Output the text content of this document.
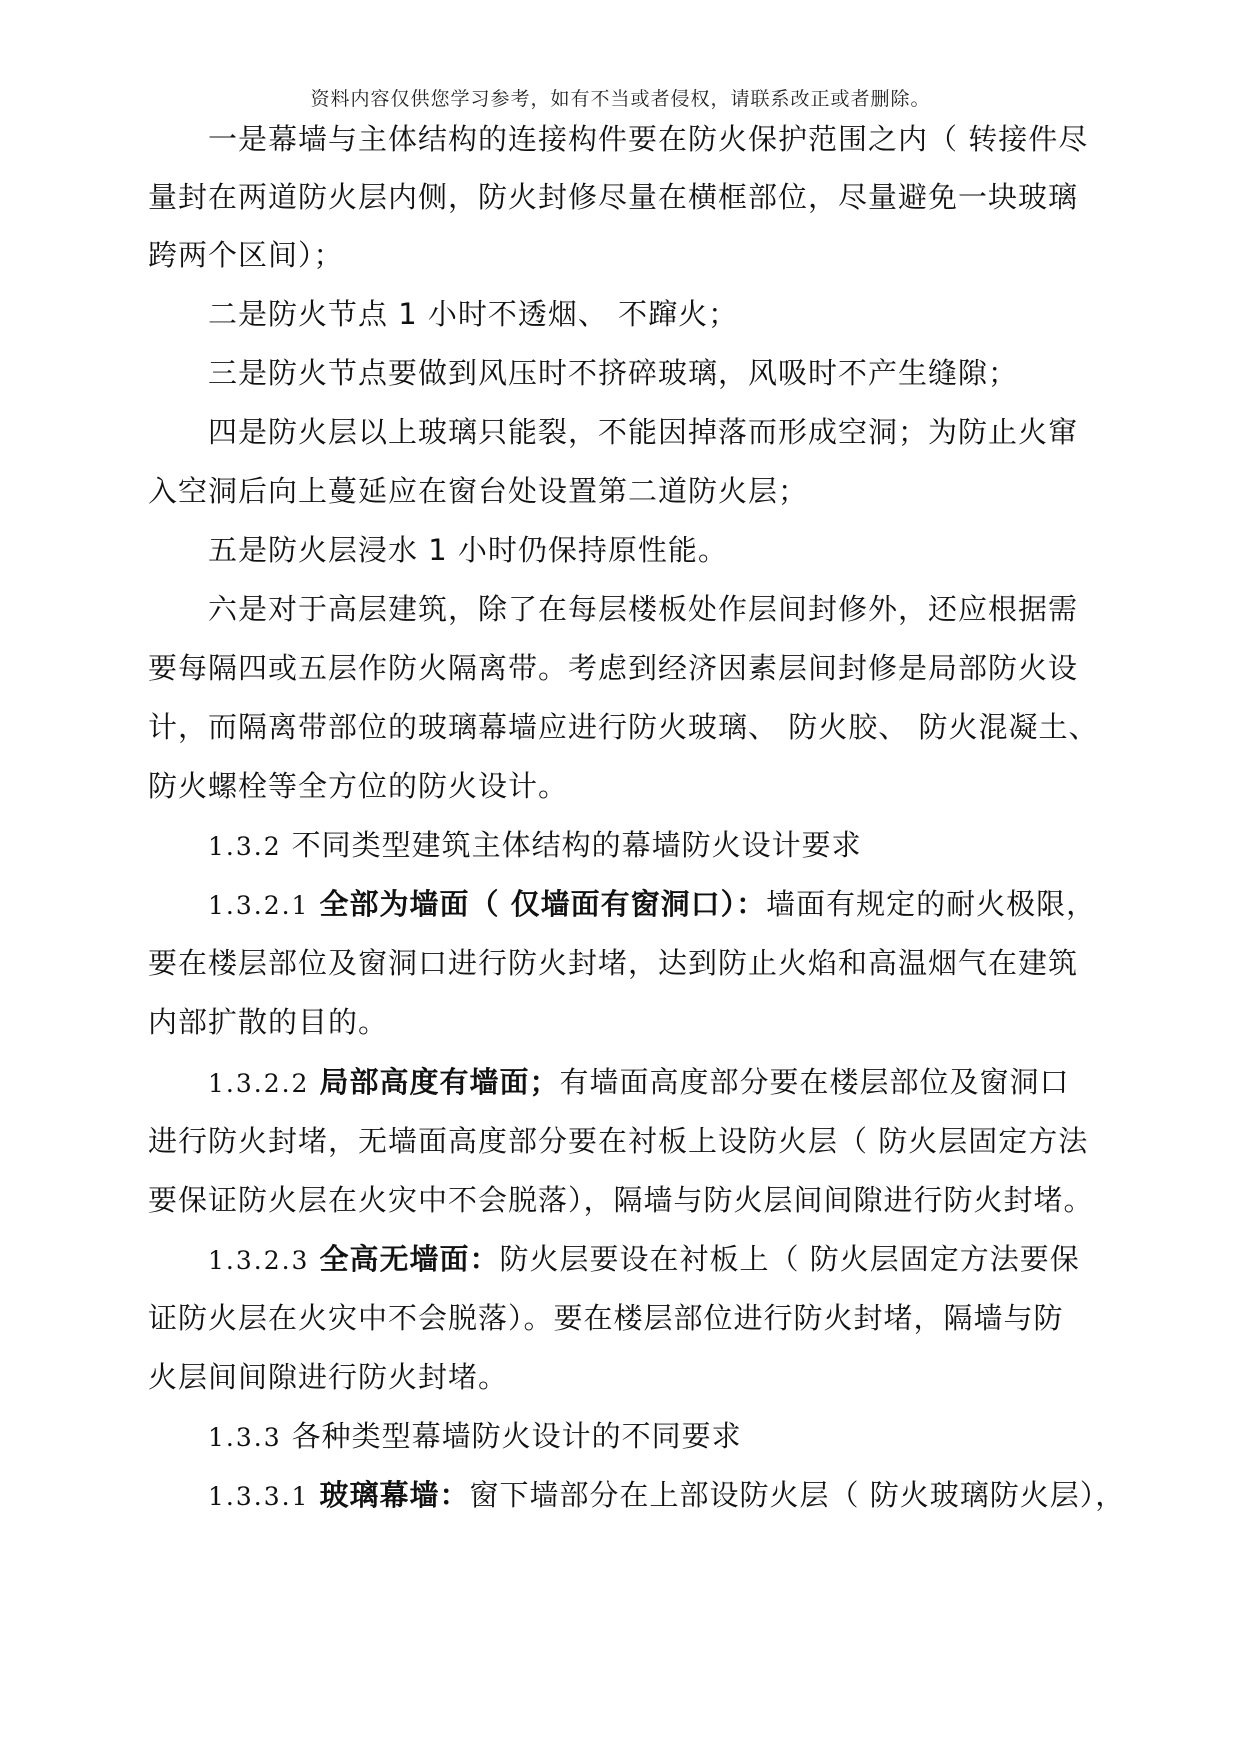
资料内容仅供您学习参考，如有不当或者侵权，请联系改正或者删除。
一是幕墙与主体结构的连接构件要在防火保护范围之内（ 转接件尽
量封在两道防火层内侧，防火封修尽量在横框部位，尽量避免一块玻璃
跨两个区间）；
二是防火节点 1 小时不透烟、 不蹿火；
三是防火节点要做到风压时不挤碎玻璃，风吸时不产生缝隙；
四是防火层以上玻璃只能裂，不能因掉落而形成空洞；为防止火窜
入空洞后向上蔓延应在窗台处设置第二道防火层；
五是防火层浸水 1 小时仍保持原性能。
六是对于高层建筑，除了在每层楼板处作层间封修外，还应根据需
要每隔四或五层作防火隔离带。考虑到经济因素层间封修是局部防火设
计，而隔离带部位的玻璃幕墙应进行防火玻璃、 防火胶、 防火混凝土、
防火螺栓等全方位的防火设计。
1.3.2 不同类型建筑主体结构的幕墙防火设计要求
1.3.2.1 全部为墙面（ 仅墙面有窗洞口）：墙面有规定的耐火极限，
要在楼层部位及窗洞口进行防火封堵，达到防止火焰和高温烟气在建筑
内部扩散的目的。
1.3.2.2 局部高度有墙面；有墙面高度部分要在楼层部位及窗洞口
进行防火封堵，无墙面高度部分要在衬板上设防火层（ 防火层固定方法
要保证防火层在火灾中不会脱落），隔墙与防火层间间隙进行防火封堵。
1.3.2.3 全高无墙面：防火层要设在衬板上（ 防火层固定方法要保
证防火层在火灾中不会脱落）。要在楼层部位进行防火封堵，隔墙与防
火层间间隙进行防火封堵。
1.3.3 各种类型幕墙防火设计的不同要求
1.3.3.1 玻璃幕墙：窗下墙部分在上部设防火层（ 防火玻璃防火层），
